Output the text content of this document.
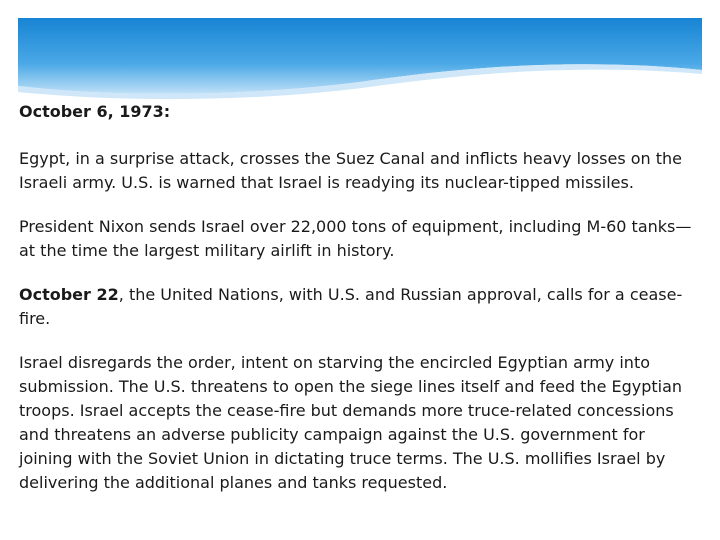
October 6, 1973:

Egypt, in a surprise attack, crosses the Suez Canal and inflicts heavy losses on the Israeli army. U.S. is warned that Israel is readying its nuclear-tipped missiles.

President Nixon sends Israel over 22,000 tons of equipment, including M-60 tanks—at the time the largest military airlift in history.

October 22, the United Nations, with U.S. and Russian approval, calls for a cease-fire.

Israel disregards the order, intent on starving the encircled Egyptian army into submission. The U.S. threatens to open the siege lines itself and feed the Egyptian troops. Israel accepts the cease-fire but demands more truce-related concessions and threatens an adverse publicity campaign against the U.S. government for joining with the Soviet Union in dictating truce terms. The U.S. mollifies Israel by delivering the additional planes and tanks requested.
